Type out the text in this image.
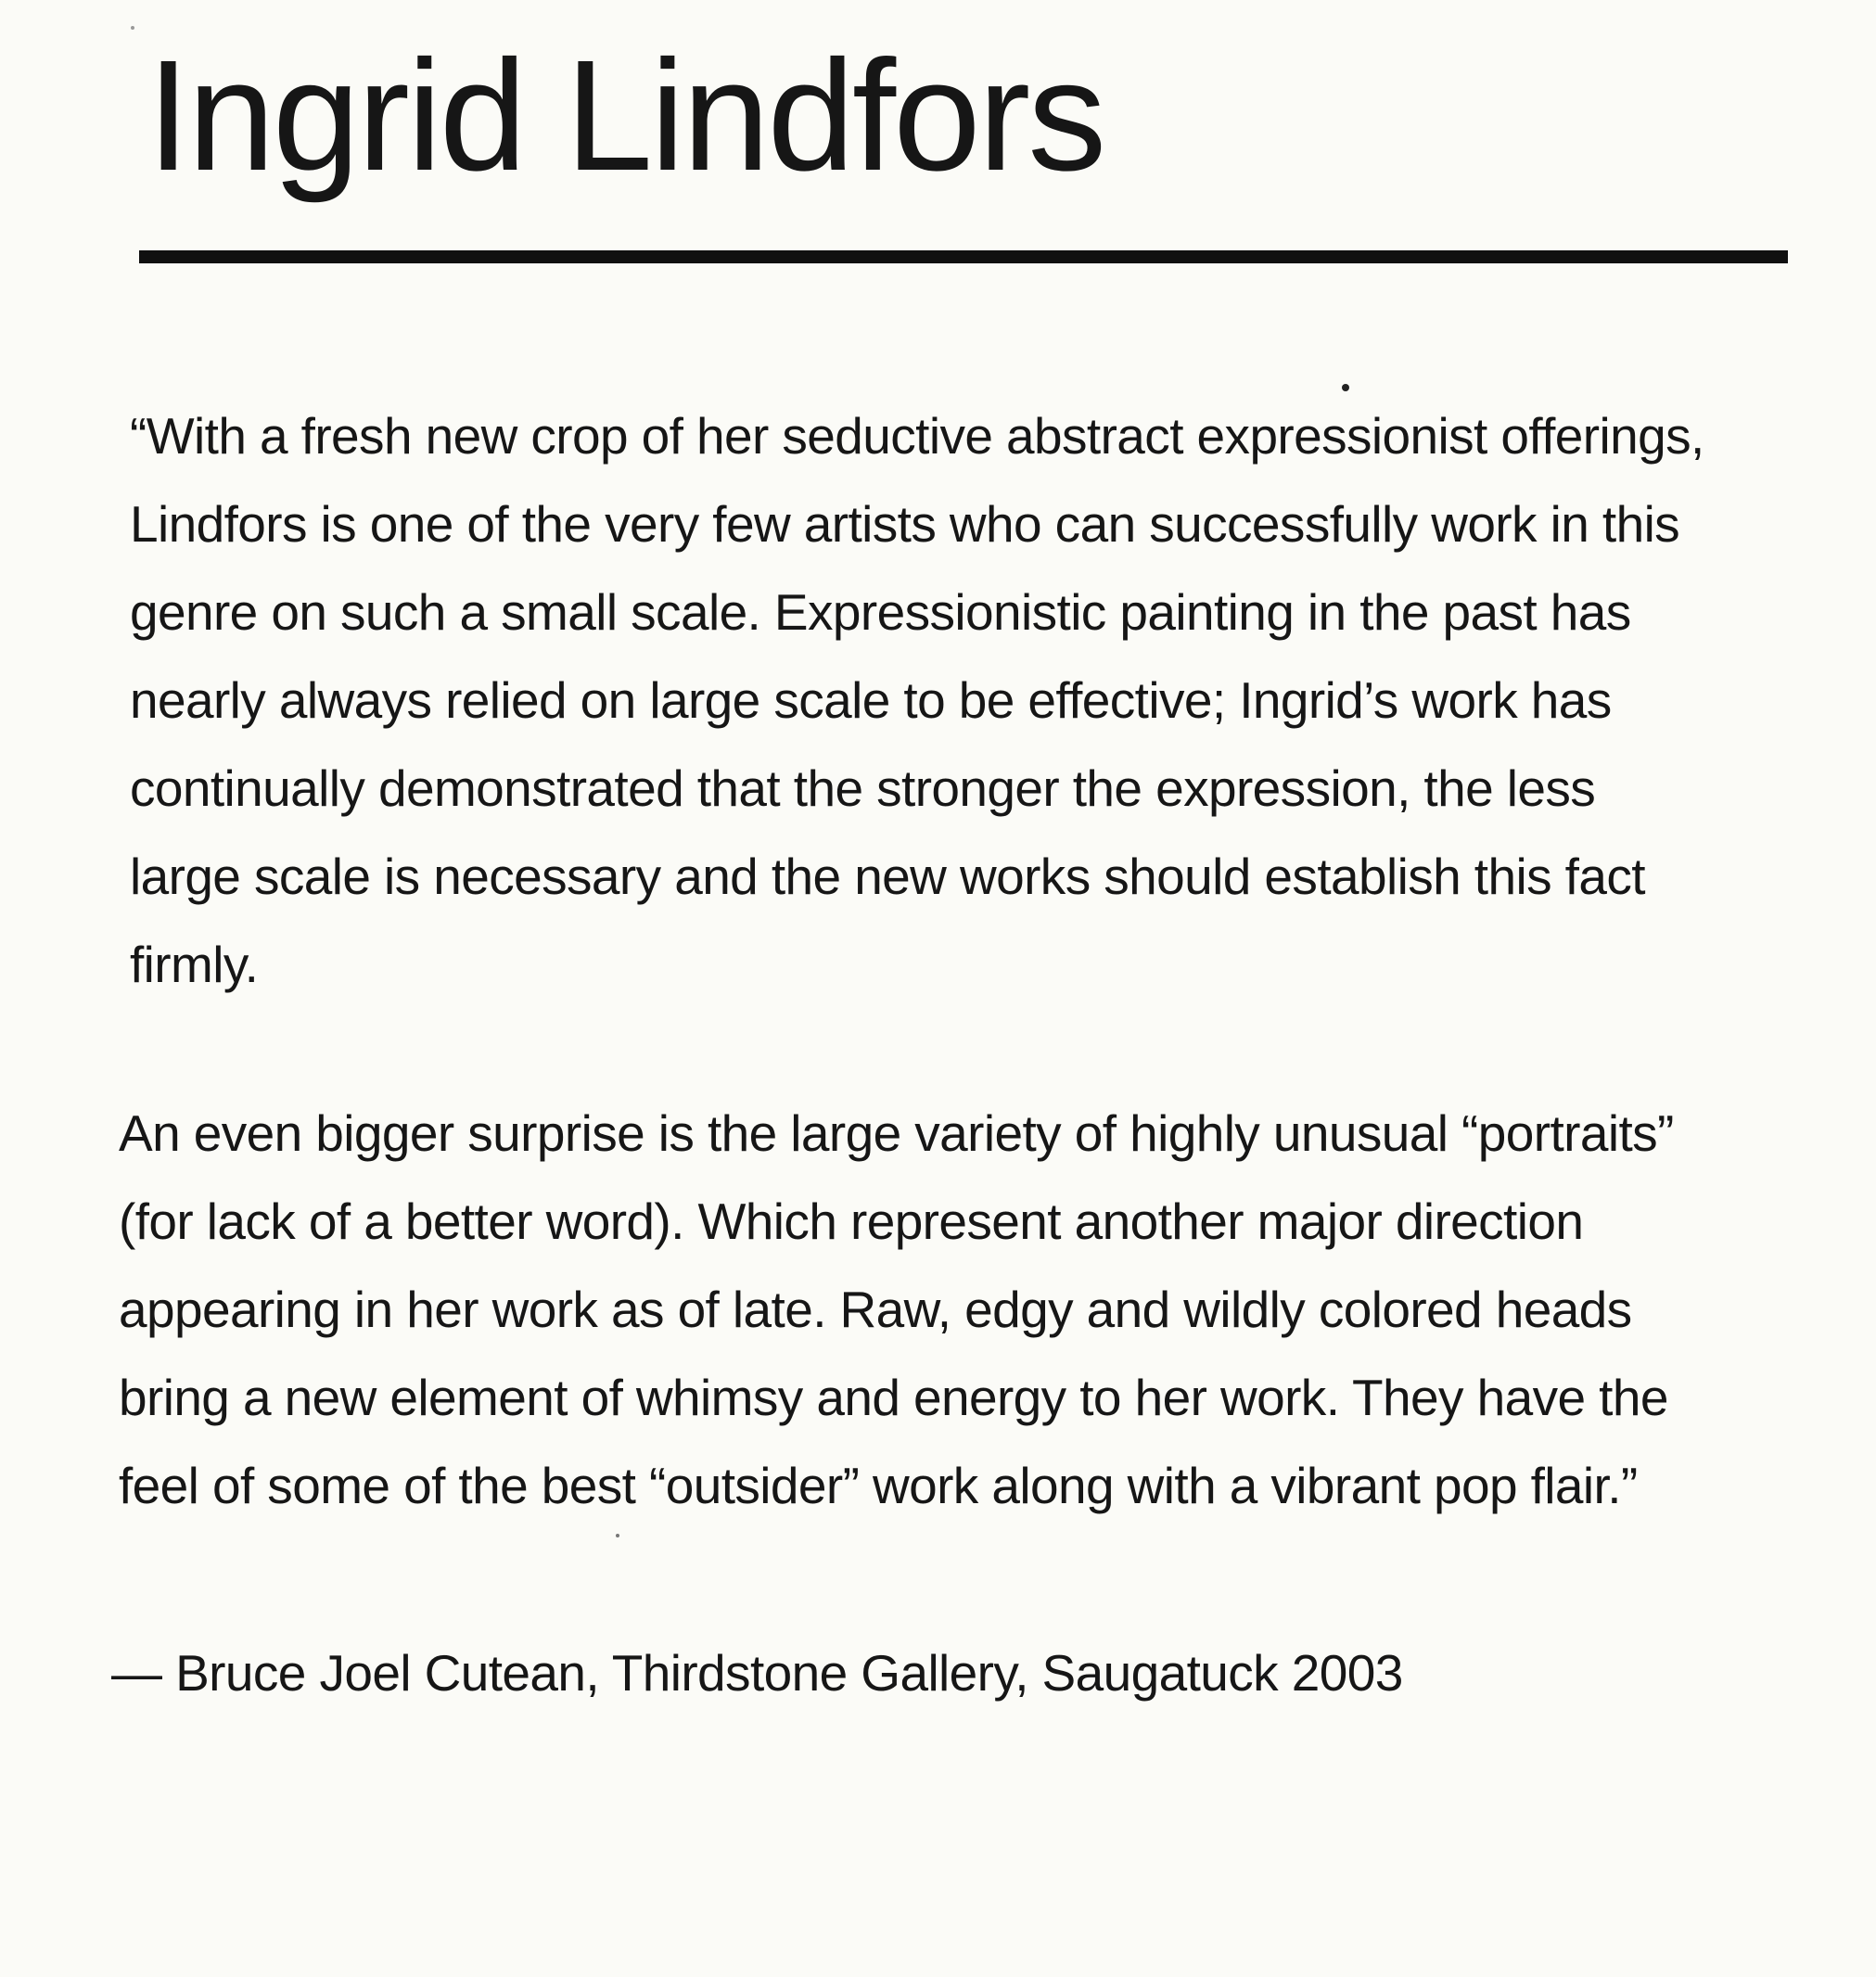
Ingrid Lindfors

“With a fresh new crop of her seductive abstract expressionist offerings,
Lindfors is one of the very few artists who can successfully work in this
genre on such a small scale. Expressionistic painting in the past has
nearly always relied on large scale to be effective; Ingrid’s work has
continually demonstrated that the stronger the expression, the less
large scale is necessary and the new works should establish this fact
firmly.

An even bigger surprise is the large variety of highly unusual “portraits”
(for lack of a better word). Which represent another major direction
appearing in her work as of late. Raw, edgy and wildly colored heads
bring a new element of whimsy and energy to her work. They have the
feel of some of the best “outsider” work along with a vibrant pop flair.”

— Bruce Joel Cutean, Thirdstone Gallery, Saugatuck 2003
